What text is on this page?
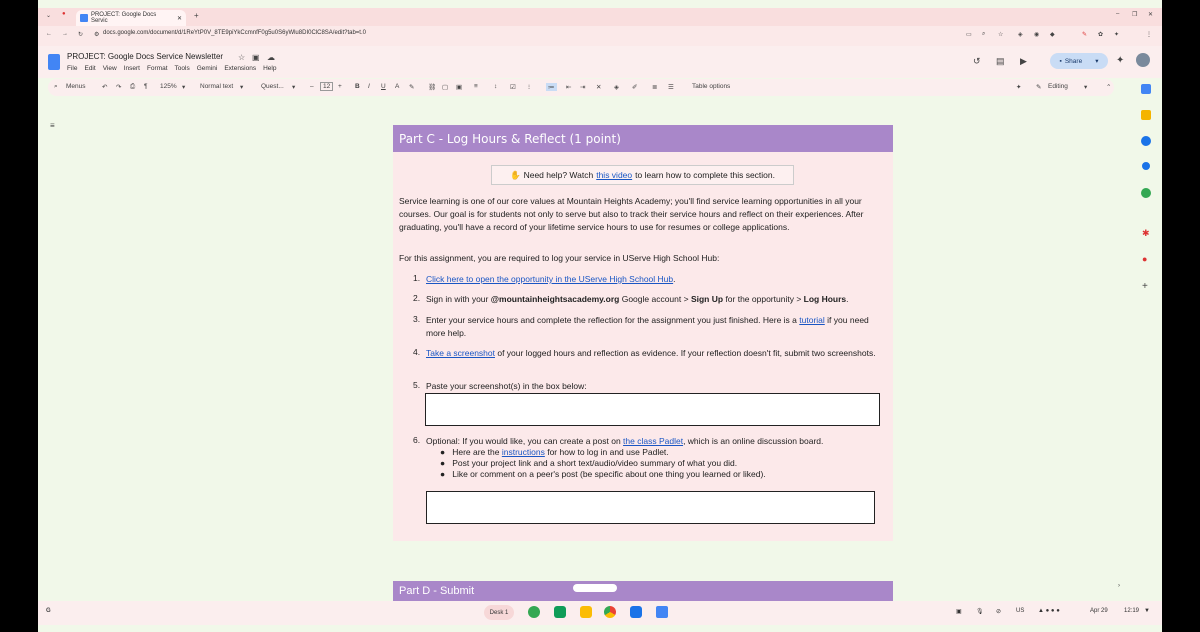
⌄ ●	PROJECT: Google Docs Servic	✕ +	– ❐ ✕
← → ↻ ⚙ docs.google.com/document/d/1ReYtP0V_8TE9piYkCcmnfF0g5u0S6yWlu8DI0ClC8SA/edit?tab=t.0	▭ ⌕ ☆ ◈ ◉ ◆	✎ ✿ ✦	⋮
PROJECT: Google Docs Service Newsletter ☆ ▣ ☁
File Edit View Insert Format Tools Gemini Extensions Help
↺ ▤ ▶	▪ Share ▾ ✦
⌕ Menus	↶ ↷ ⎙ ¶ 125% ▾ Normal text ▾	Quest... ▾ –	12	+ B I U A ✎ ⛓ ▢ ▣ ≡ ↕ ☑ ⁝	≔	⇤ ⇥ ✕ ◈ ✐ ≣ ☰	Table options	✦ ✎ Editing ▾	⌃
≡
Part C - Log Hours & Reflect (1 point)
✋ Need help? Watch this video to learn how to complete this section.
Service learning is one of our core values at Mountain Heights Academy; you'll find service learning opportunities in all your courses. Our goal is for students not only to serve but also to track their service hours and reflect on their experiences. After graduating, you'll have a record of your lifetime service hours to use for resumes or college applications.
For this assignment, you are required to log your service in UServe High School Hub:
1. Click here to open the opportunity in the UServe High School Hub.
2. Sign in with your @mountainheightsacademy.org Google account > Sign Up for the opportunity > Log Hours.
3. Enter your service hours and complete the reflection for the assignment you just finished. Here is a tutorial if you need more help.
4. Take a screenshot of your logged hours and reflection as evidence. If your reflection doesn't fit, submit two screenshots.
5. Paste your screenshot(s) in the box below:
6. Optional: If you would like, you can create a post on the class Padlet, which is an online discussion board.
●   Here are the instructions for how to log in and use Padlet.
●   Post your project link and a short text/audio/video summary of what you did.
●   Like or comment on a peer's post (be specific about one thing you learned or liked).
Part D - Submit	›
✱
●
+
G	Desk 1	▣ 🎙 ⊘ US ▲ ● ● ●	Apr 29	12:19 ▼
